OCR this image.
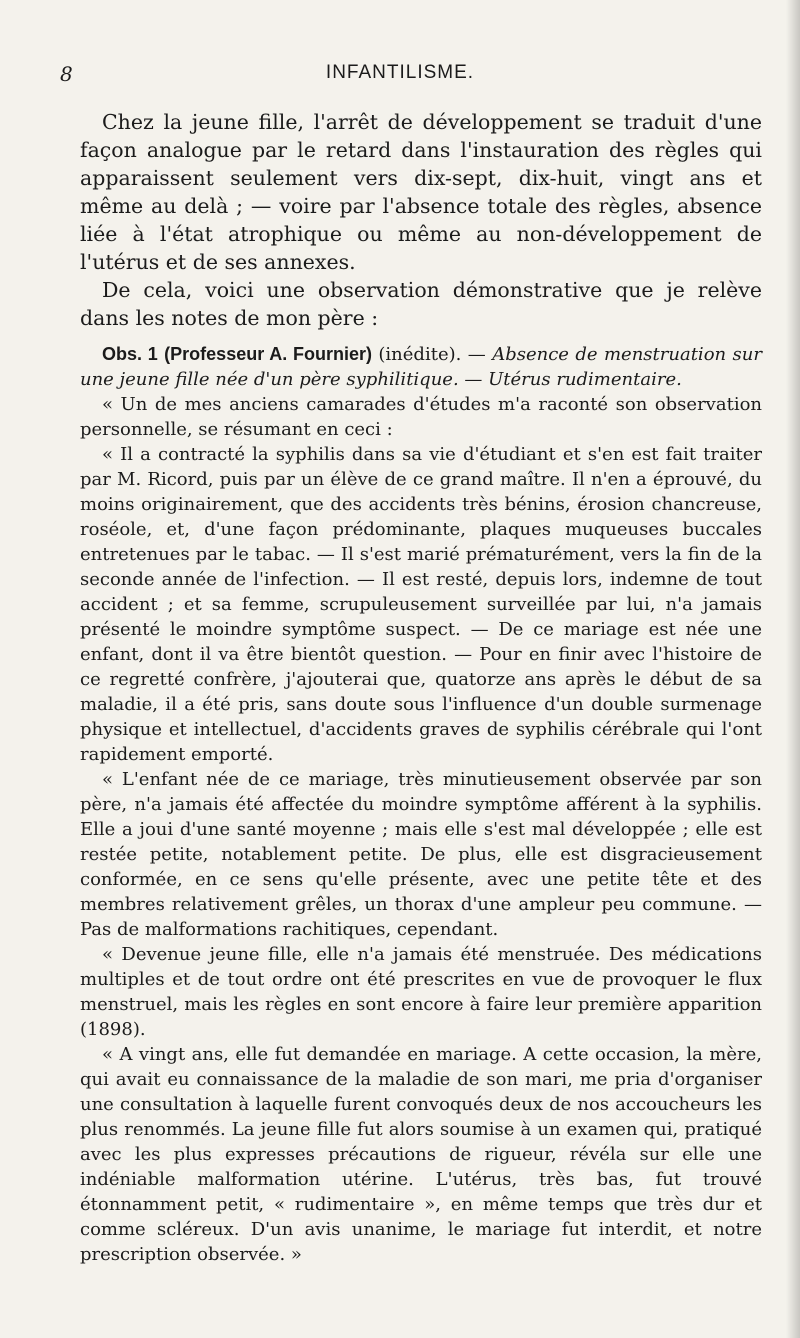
8	INFANTILISME.

Chez la jeune fille, l'arrêt de développement se traduit d'une façon analogue par le retard dans l'instauration des règles qui apparaissent seulement vers dix-sept, dix-huit, vingt ans et même au delà ; — voire par l'absence totale des règles, absence liée à l'état atrophique ou même au non-développement de l'utérus et de ses annexes.

De cela, voici une observation démonstrative que je relève dans les notes de mon père :

Obs. 1 (Professeur A. Fournier) (inédite). — Absence de menstruation sur une jeune fille née d'un père syphilitique. — Utérus rudimentaire.

« Un de mes anciens camarades d'études m'a raconté son observation personnelle, se résumant en ceci :

« Il a contracté la syphilis dans sa vie d'étudiant et s'en est fait traiter par M. Ricord, puis par un élève de ce grand maître. Il n'en a éprouvé, du moins originairement, que des accidents très bénins, érosion chancreuse, roséole, et, d'une façon prédominante, plaques muqueuses buccales entretenues par le tabac. — Il s'est marié prématurément, vers la fin de la seconde année de l'infection. — Il est resté, depuis lors, indemne de tout accident ; et sa femme, scrupuleusement surveillée par lui, n'a jamais présenté le moindre symptôme suspect. — De ce mariage est née une enfant, dont il va être bientôt question. — Pour en finir avec l'histoire de ce regretté confrère, j'ajouterai que, quatorze ans après le début de sa maladie, il a été pris, sans doute sous l'influence d'un double surmenage physique et intellectuel, d'accidents graves de syphilis cérébrale qui l'ont rapidement emporté.

« L'enfant née de ce mariage, très minutieusement observée par son père, n'a jamais été affectée du moindre symptôme afférent à la syphilis. Elle a joui d'une santé moyenne ; mais elle s'est mal développée ; elle est restée petite, notablement petite. De plus, elle est disgracieusement conformée, en ce sens qu'elle présente, avec une petite tête et des membres relativement grêles, un thorax d'une ampleur peu commune. — Pas de malformations rachitiques, cependant.

« Devenue jeune fille, elle n'a jamais été menstruée. Des médications multiples et de tout ordre ont été prescrites en vue de provoquer le flux menstruel, mais les règles en sont encore à faire leur première apparition (1898).

« A vingt ans, elle fut demandée en mariage. A cette occasion, la mère, qui avait eu connaissance de la maladie de son mari, me pria d'organiser une consultation à laquelle furent convoqués deux de nos accoucheurs les plus renommés. La jeune fille fut alors soumise à un examen qui, pratiqué avec les plus expresses précautions de rigueur, révéla sur elle une indéniable malformation utérine. L'utérus, très bas, fut trouvé étonnamment petit, « rudimentaire », en même temps que très dur et comme scléreux. D'un avis unanime, le mariage fut interdit, et notre prescription observée. »
